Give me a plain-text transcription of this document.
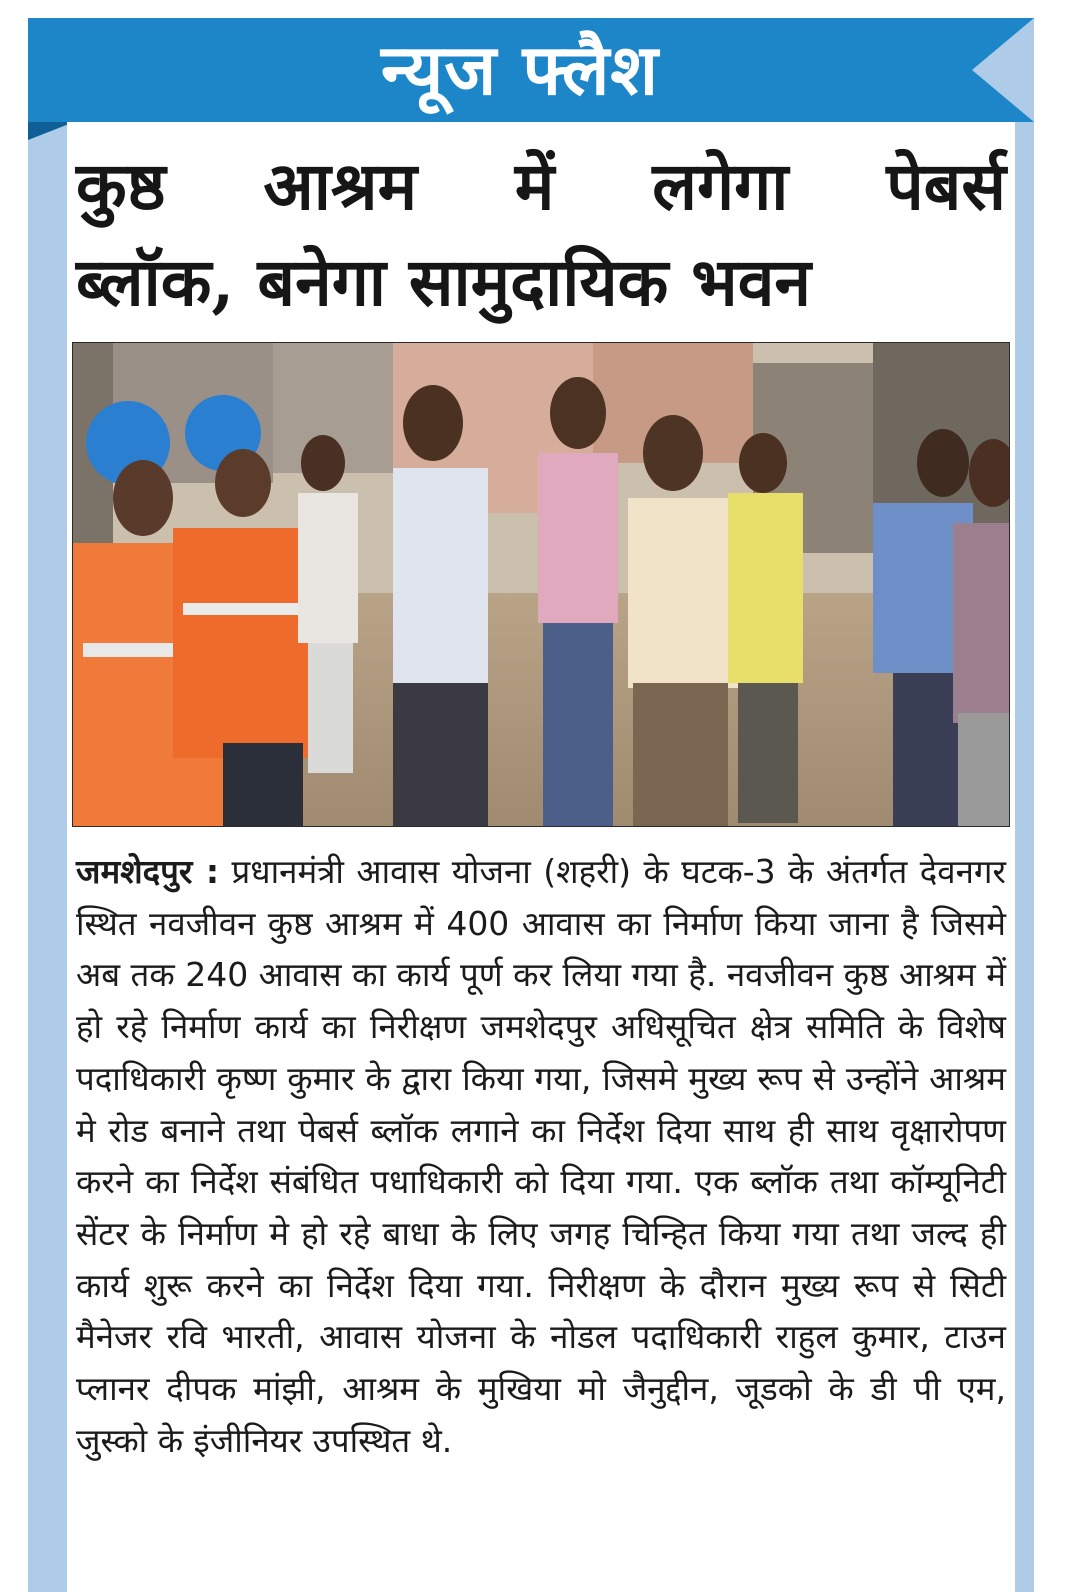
न्यूज फ्लैश
कुष्ठ आश्रम में लगेगा पेबर्स
ब्लॉक, बनेगा सामुदायिक भवन
जमशेदपुर : प्रधानमंत्री आवास योजना (शहरी) के घटक-3 के अंतर्गत देवनगर स्थित नवजीवन कुष्ठ आश्रम में 400 आवास का निर्माण किया जाना है जिसमे अब तक 240 आवास का कार्य पूर्ण कर लिया गया है. नवजीवन कुष्ठ आश्रम में हो रहे निर्माण कार्य का निरीक्षण जमशेदपुर अधिसूचित क्षेत्र समिति के विशेष पदाधिकारी कृष्ण कुमार के द्वारा किया गया, जिसमे मुख्य रूप से उन्होंने आश्रम मे रोड बनाने तथा पेबर्स ब्लॉक लगाने का निर्देश दिया साथ ही साथ वृक्षारोपण करने का निर्देश संबंधित पधाधिकारी को दिया गया. एक ब्लॉक तथा कॉम्यूनिटी सेंटर के निर्माण मे हो रहे बाधा के लिए जगह चिन्हित किया गया तथा जल्द ही कार्य शुरू करने का निर्देश दिया गया. निरीक्षण के दौरान मुख्य रूप से सिटी मैनेजर रवि भारती, आवास योजना के नोडल पदाधिकारी राहुल कुमार, टाउन प्लानर दीपक मांझी, आश्रम के मुखिया मो जैनुद्दीन, जूडको के डी पी एम, जुस्को के इंजीनियर उपस्थित थे.
